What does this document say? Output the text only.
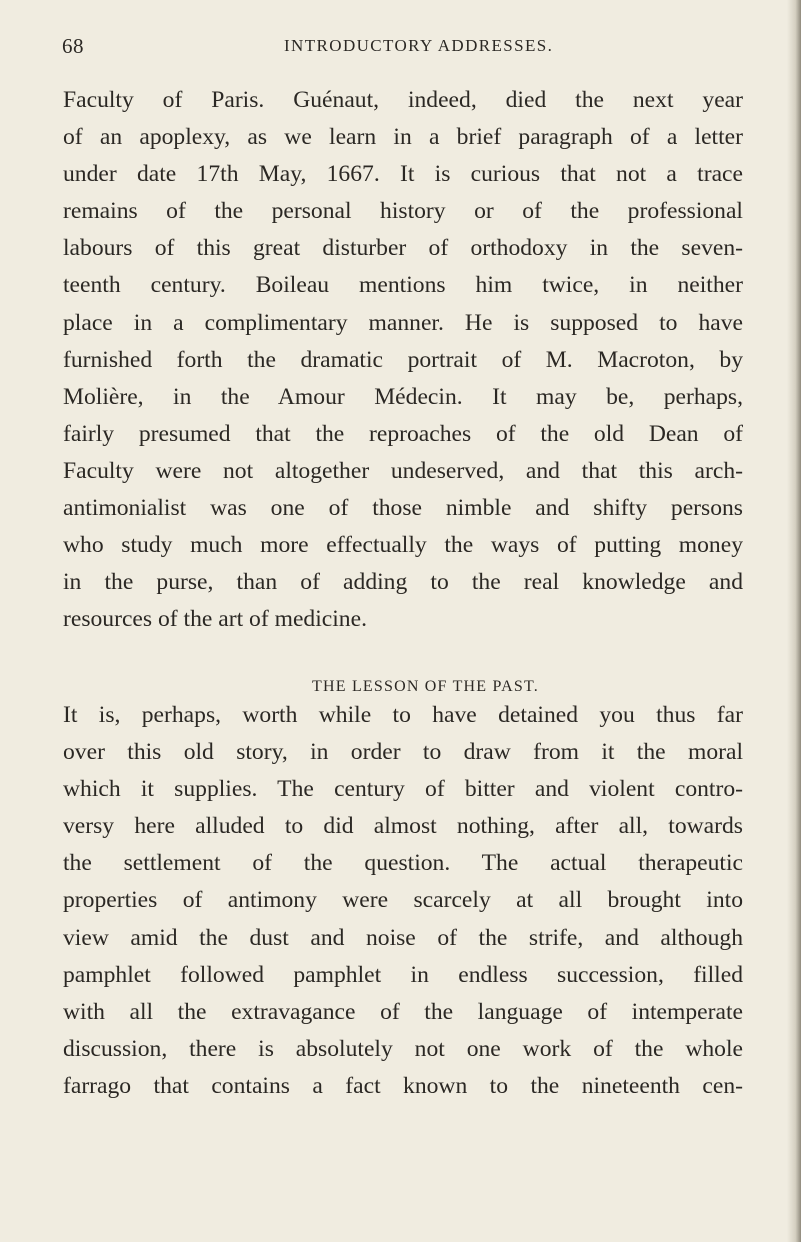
68	INTRODUCTORY ADDRESSES.
Faculty of Paris. Guénaut, indeed, died the next year
of an apoplexy, as we learn in a brief paragraph of a letter
under date 17th May, 1667. It is curious that not a trace
remains of the personal history or of the professional
labours of this great disturber of orthodoxy in the seven-
teenth century. Boileau mentions him twice, in neither
place in a complimentary manner. He is supposed to have
furnished forth the dramatic portrait of M. Macroton, by
Molière, in the Amour Médecin. It may be, perhaps,
fairly presumed that the reproaches of the old Dean of
Faculty were not altogether undeserved, and that this arch-
antimonialist was one of those nimble and shifty persons
who study much more effectually the ways of putting money
in the purse, than of adding to the real knowledge and
resources of the art of medicine.
THE LESSON OF THE PAST.
It is, perhaps, worth while to have detained you thus far
over this old story, in order to draw from it the moral
which it supplies. The century of bitter and violent contro-
versy here alluded to did almost nothing, after all, towards
the settlement of the question. The actual therapeutic
properties of antimony were scarcely at all brought into
view amid the dust and noise of the strife, and although
pamphlet followed pamphlet in endless succession, filled
with all the extravagance of the language of intemperate
discussion, there is absolutely not one work of the whole
farrago that contains a fact known to the nineteenth cen-
